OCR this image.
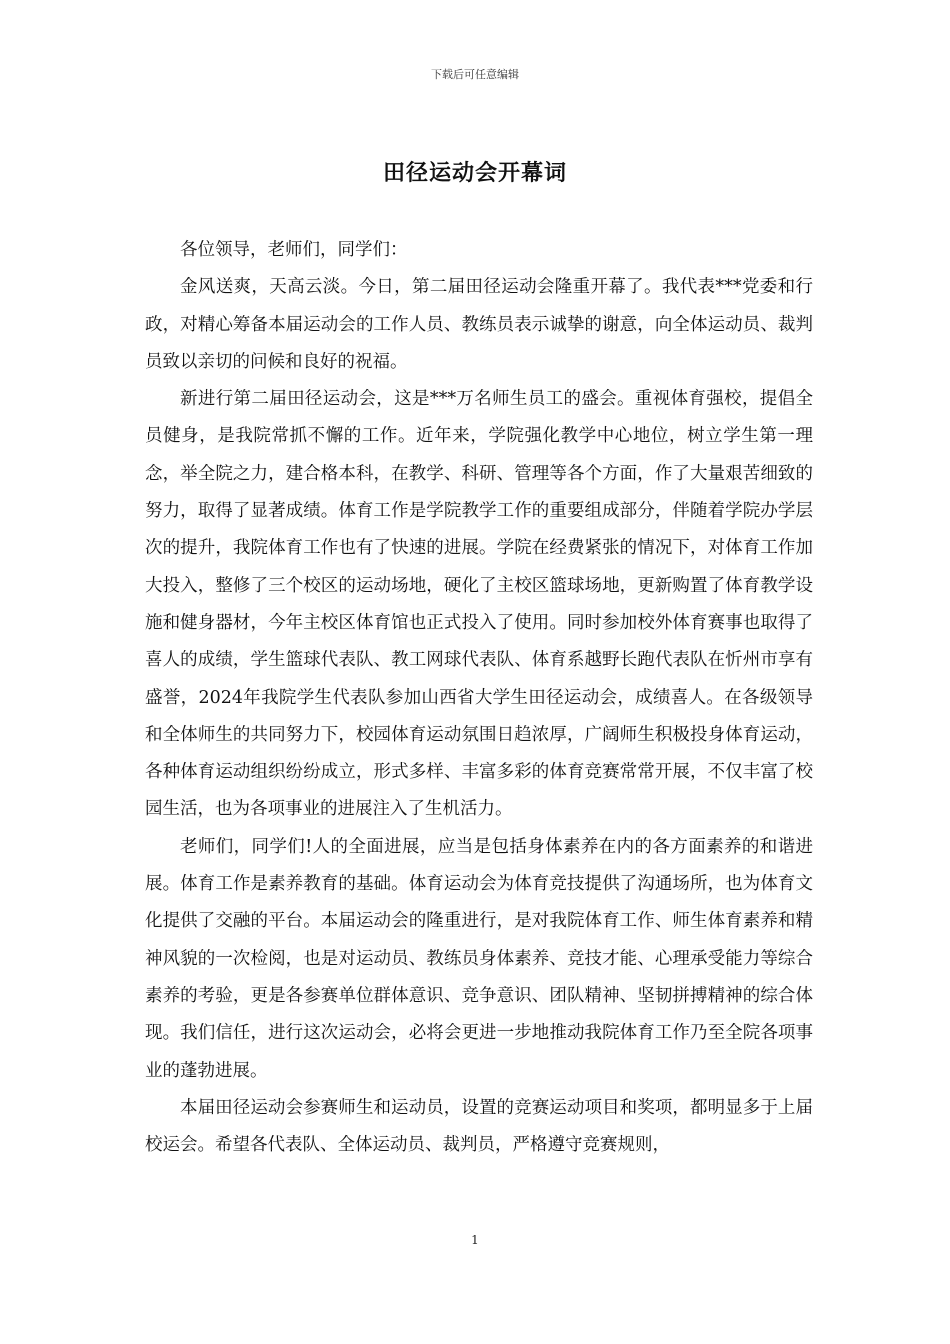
下载后可任意编辑
田径运动会开幕词

各位领导，老师们，同学们：

金风送爽，天高云淡。今日，第二届田径运动会隆重开幕了。我代表***党委和行政，对精心筹备本届运动会的工作人员、教练员表示诚挚的谢意，向全体运动员、裁判员致以亲切的问候和良好的祝福。

新进行第二届田径运动会，这是***万名师生员工的盛会。重视体育强校，提倡全员健身，是我院常抓不懈的工作。近年来，学院强化教学中心地位，树立学生第一理念，举全院之力，建合格本科，在教学、科研、管理等各个方面，作了大量艰苦细致的努力，取得了显著成绩。体育工作是学院教学工作的重要组成部分，伴随着学院办学层次的提升，我院体育工作也有了快速的进展。学院在经费紧张的情况下，对体育工作加大投入，整修了三个校区的运动场地，硬化了主校区篮球场地，更新购置了体育教学设施和健身器材，今年主校区体育馆也正式投入了使用。同时参加校外体育赛事也取得了喜人的成绩，学生篮球代表队、教工网球代表队、体育系越野长跑代表队在忻州市享有盛誉，2024年我院学生代表队参加山西省大学生田径运动会，成绩喜人。在各级领导和全体师生的共同努力下，校园体育运动氛围日趋浓厚，广阔师生积极投身体育运动，各种体育运动组织纷纷成立，形式多样、丰富多彩的体育竞赛常常开展，不仅丰富了校园生活，也为各项事业的进展注入了生机活力。

老师们，同学们!人的全面进展，应当是包括身体素养在内的各方面素养的和谐进展。体育工作是素养教育的基础。体育运动会为体育竞技提供了沟通场所，也为体育文化提供了交融的平台。本届运动会的隆重进行，是对我院体育工作、师生体育素养和精神风貌的一次检阅，也是对运动员、教练员身体素养、竞技才能、心理承受能力等综合素养的考验，更是各参赛单位群体意识、竞争意识、团队精神、坚韧拼搏精神的综合体现。我们信任，进行这次运动会，必将会更进一步地推动我院体育工作乃至全院各项事业的蓬勃进展。

本届田径运动会参赛师生和运动员，设置的竞赛运动项目和奖项，都明显多于上届校运会。希望各代表队、全体运动员、裁判员，严格遵守竞赛规则，

1
